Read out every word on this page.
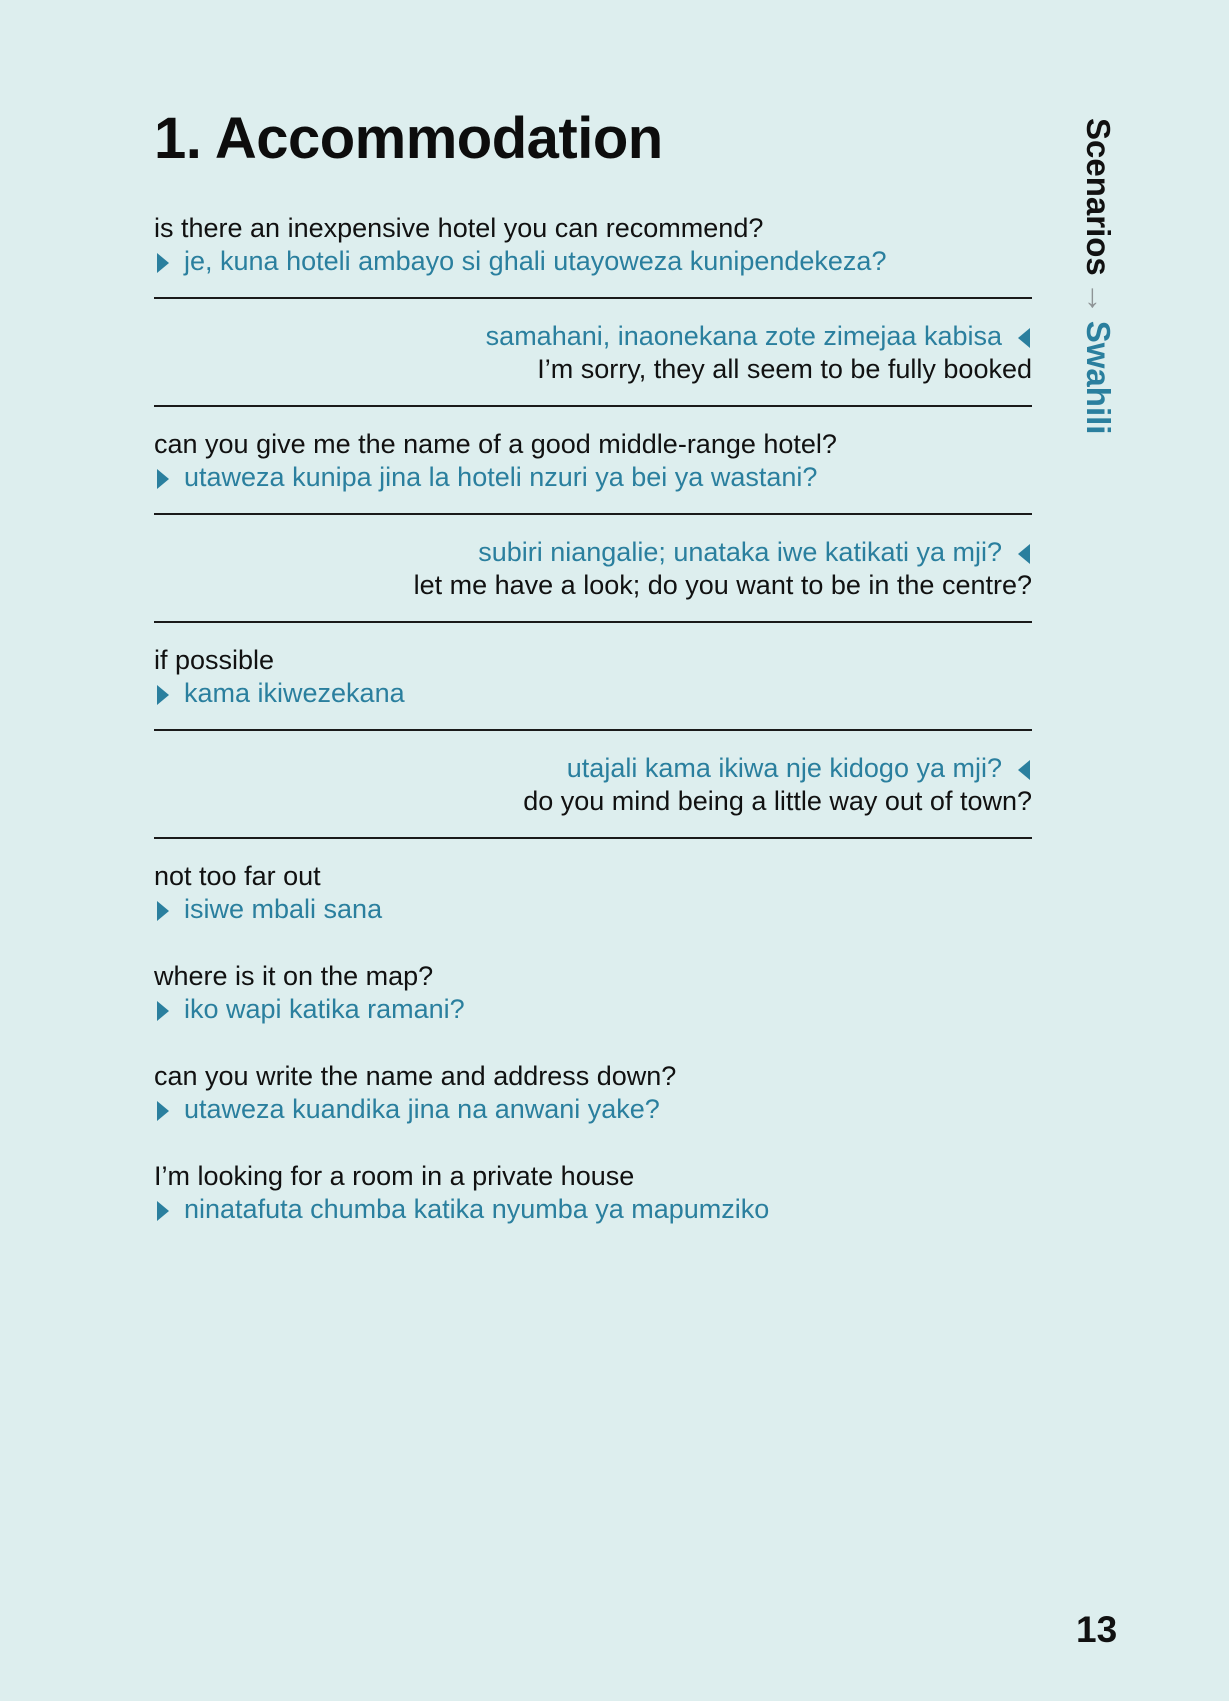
1. Accommodation
is there an inexpensive hotel you can recommend?
je, kuna hoteli ambayo si ghali utayoweza kunipendekeza?
samahani, inaonekana zote zimejaa kabisa
I’m sorry, they all seem to be fully booked
can you give me the name of a good middle-range hotel?
utaweza kunipa jina la hoteli nzuri ya bei ya wastani?
subiri niangalie; unataka iwe katikati ya mji?
let me have a look; do you want to be in the centre?
if possible
kama ikiwezekana
utajali kama ikiwa nje kidogo ya mji?
do you mind being a little way out of town?
not too far out
isiwe mbali sana
where is it on the map?
iko wapi katika ramani?
can you write the name and address down?
utaweza kuandika jina na anwani yake?
I’m looking for a room in a private house
ninatafuta chumba katika nyumba ya mapumziko
Scenarios→Swahili
13
